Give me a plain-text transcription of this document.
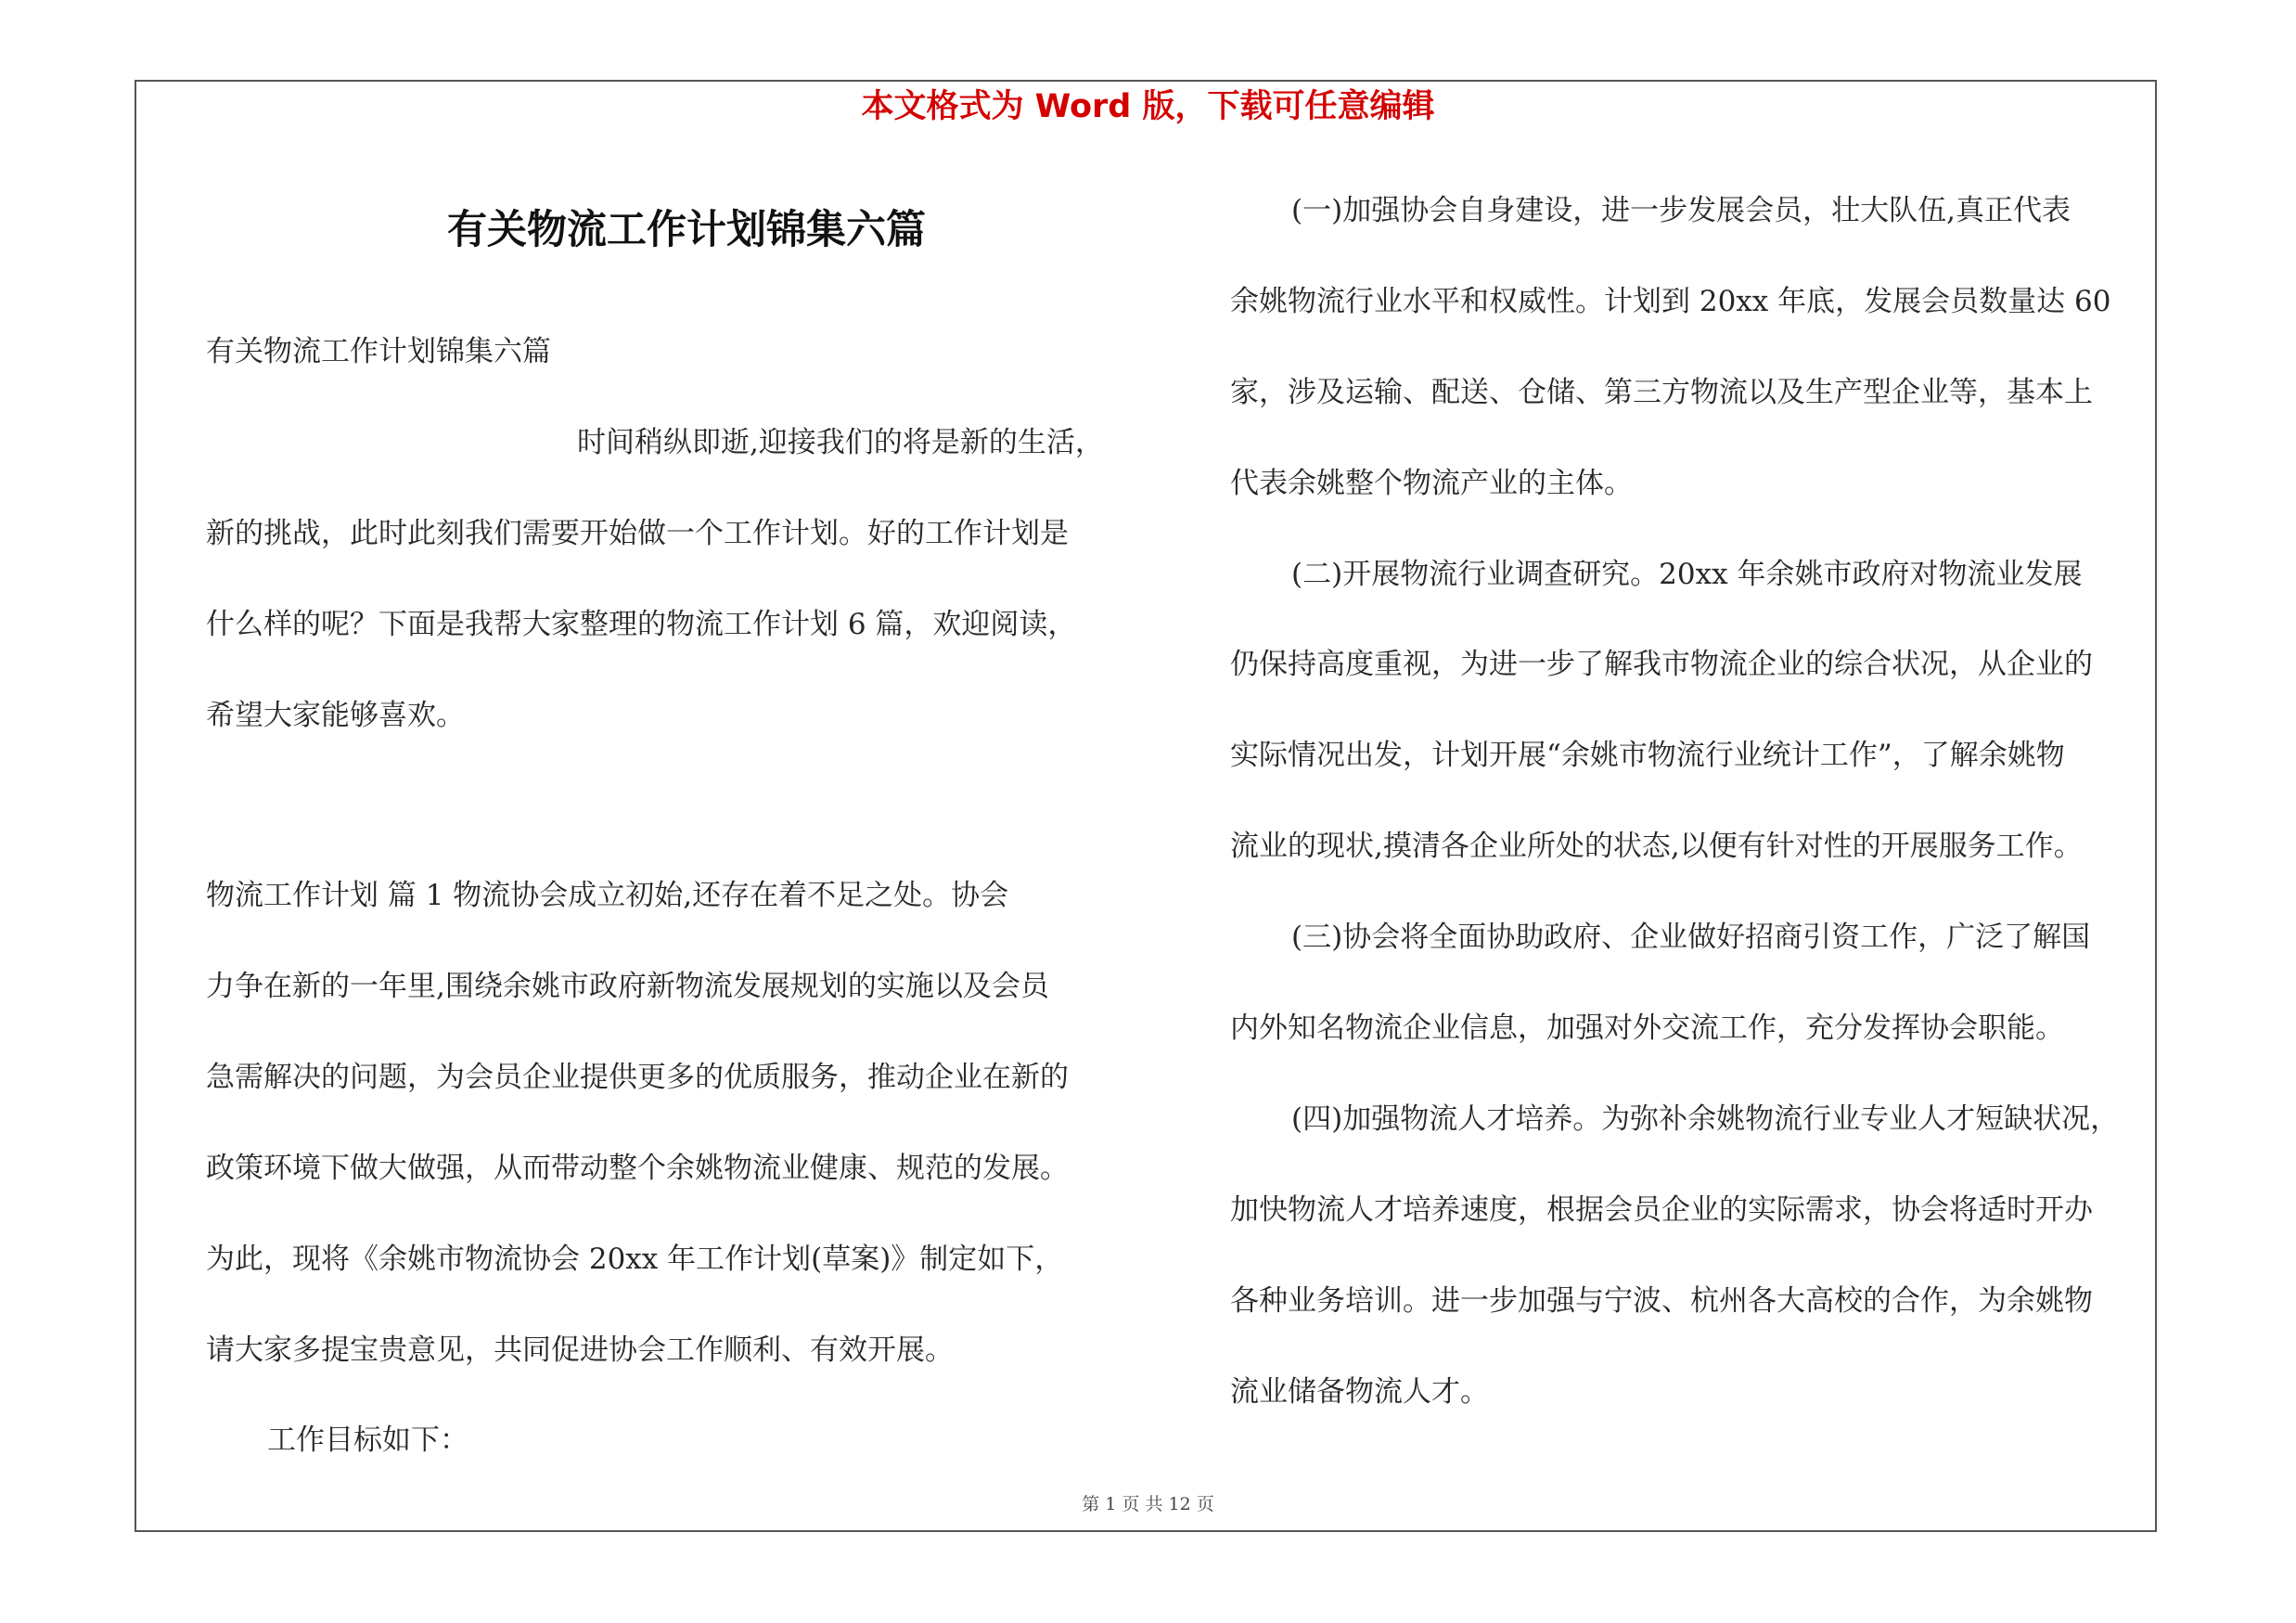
本文格式为 Word 版，下载可任意编辑
有关物流工作计划锦集六篇
有关物流工作计划锦集六篇
时间稍纵即逝,迎接我们的将是新的生活，
新的挑战，此时此刻我们需要开始做一个工作计划。好的工作计划是
什么样的呢？下面是我帮大家整理的物流工作计划 6 篇，欢迎阅读，
希望大家能够喜欢。
物流工作计划 篇 1 物流协会成立初始,还存在着不足之处。协会
力争在新的一年里,围绕余姚市政府新物流发展规划的实施以及会员
急需解决的问题，为会员企业提供更多的优质服务，推动企业在新的
政策环境下做大做强，从而带动整个余姚物流业健康、规范的发展。
为此，现将《余姚市物流协会 20xx 年工作计划(草案)》制定如下，
请大家多提宝贵意见，共同促进协会工作顺利、有效开展。
工作目标如下：
(一)加强协会自身建设，进一步发展会员，壮大队伍,真正代表
余姚物流行业水平和权威性。计划到 20xx 年底，发展会员数量达 60
家，涉及运输、配送、仓储、第三方物流以及生产型企业等，基本上
代表余姚整个物流产业的主体。
(二)开展物流行业调查研究。20xx 年余姚市政府对物流业发展
仍保持高度重视，为进一步了解我市物流企业的综合状况，从企业的
实际情况出发，计划开展“余姚市物流行业统计工作”，了解余姚物
流业的现状,摸清各企业所处的状态,以便有针对性的开展服务工作。
(三)协会将全面协助政府、企业做好招商引资工作，广泛了解国
内外知名物流企业信息，加强对外交流工作，充分发挥协会职能。
(四)加强物流人才培养。为弥补余姚物流行业专业人才短缺状况，
加快物流人才培养速度，根据会员企业的实际需求，协会将适时开办
各种业务培训。进一步加强与宁波、杭州各大高校的合作，为余姚物
流业储备物流人才。
第 1 页 共 12 页
